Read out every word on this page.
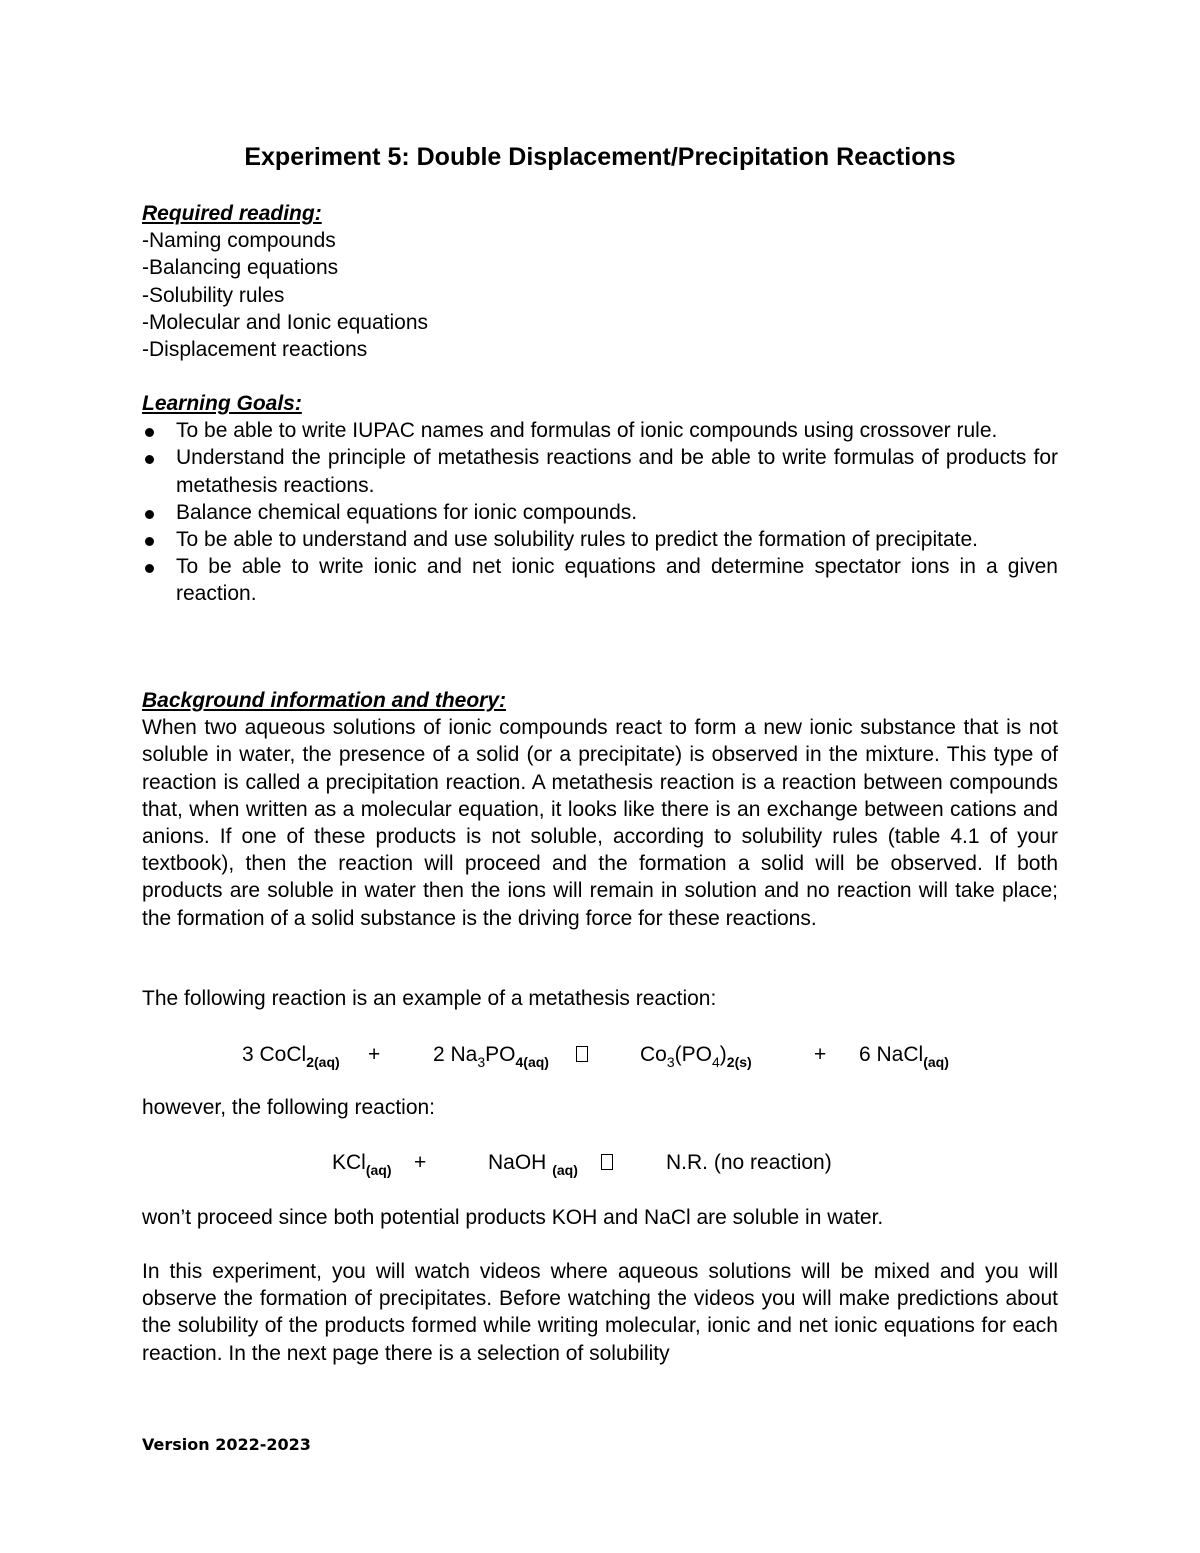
Experiment 5: Double Displacement/Precipitation Reactions
Required reading:
-Naming compounds
-Balancing equations
-Solubility rules
-Molecular and Ionic equations
-Displacement reactions
Learning Goals:
To be able to write IUPAC names and formulas of ionic compounds using crossover rule.
Understand the principle of metathesis reactions and be able to write formulas of products for metathesis reactions.
Balance chemical equations for ionic compounds.
To be able to understand and use solubility rules to predict the formation of precipitate.
To be able to write ionic and net ionic equations and determine spectator ions in a given reaction.
Background information and theory:

When two aqueous solutions of ionic compounds react to form a new ionic substance that is not soluble in water, the presence of a solid (or a precipitate) is observed in the mixture. This type of reaction is called a precipitation reaction. A metathesis reaction is a reaction between compounds that, when written as a molecular equation, it looks like there is an exchange between cations and anions. If one of these products is not soluble, according to solubility rules (table 4.1 of your textbook), then the reaction will proceed and the formation a solid will be observed. If both products are soluble in water then the ions will remain in solution and no reaction will take place; the formation of a solid substance is the driving force for these reactions.

The following reaction is an example of a metathesis reaction:
3 CoCl$_{2(aq)}$ +	2 $Na_3PO_{4(aq)}$	$Co_3(PO_4)_{2(s)}$	+ 6 NaCl$_{(aq)}$
however, the following reaction:
KCl$_{(aq)}$ +	NaOH $_{(aq)}$	N.R. (no reaction)
won’t proceed since both potential products KOH and NaCl are soluble in water.

In this experiment, you will watch videos where aqueous solutions will be mixed and you will observe the formation of precipitates. Before watching the videos you will make predictions about the solubility of the products formed while writing molecular, ionic and net ionic equations for each reaction. In the next page there is a selection of solubility

Version 2022-2023
